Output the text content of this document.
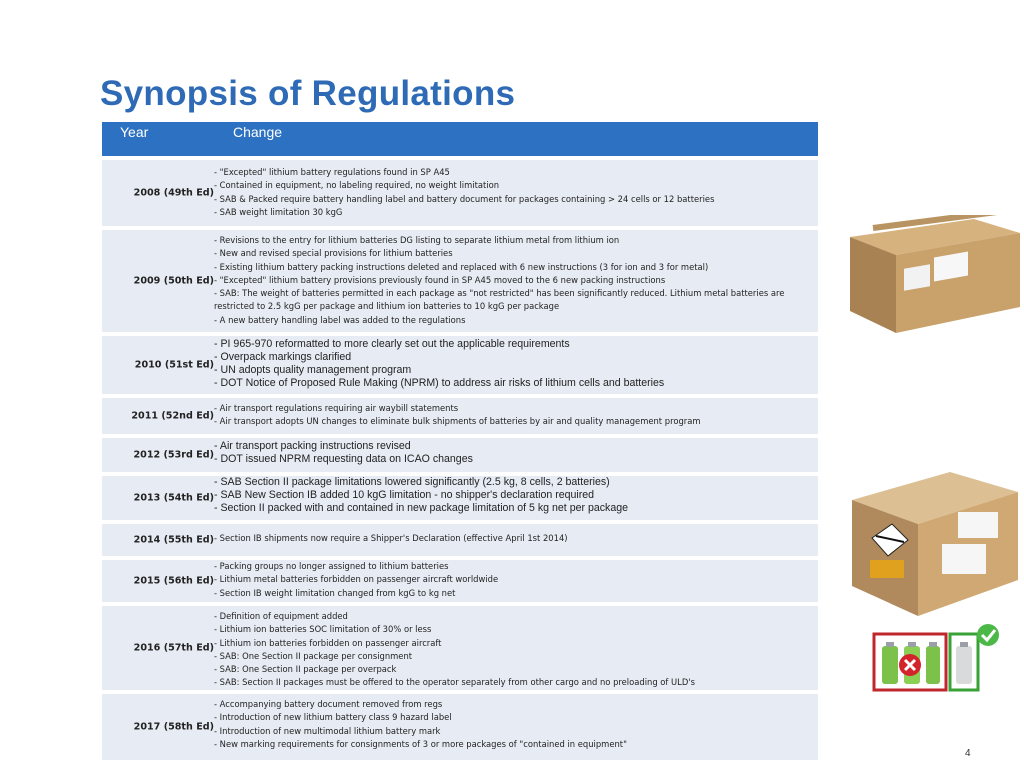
Synopsis of Regulations
Year	Change
2008 (49th Ed)
- "Excepted" lithium battery regulations found in SP A45
- Contained in equipment, no labeling required, no weight limitation
- SAB & Packed require battery handling label and battery document for packages containing > 24 cells or 12 batteries
- SAB weight limitation 30 kgG
2009 (50th Ed)
- Revisions to the entry for lithium batteries DG listing to separate lithium metal from lithium ion
- New and revised special provisions for lithium batteries
- Existing lithium battery packing instructions deleted and replaced with 6 new instructions (3 for ion and 3 for metal)
- "Excepted" lithium battery provisions previously found in SP A45 moved to the 6 new packing instructions
- SAB: The weight of batteries permitted in each package as "not restricted" has been significantly reduced. Lithium metal batteries are
restricted to 2.5 kgG per package and lithium ion batteries to 10 kgG per package
- A new battery handling label was added to the regulations
2010 (51st Ed)
- PI 965-970 reformatted to more clearly set out the applicable requirements
- Overpack markings clarified
- UN adopts quality management program
- DOT Notice of Proposed Rule Making (NPRM) to address air risks of lithium cells and batteries
2011 (52nd Ed)
- Air transport regulations requiring air waybill statements
- Air transport adopts UN changes to eliminate bulk shipments of batteries by air and quality management program
2012 (53rd Ed)
- Air transport packing instructions revised
- DOT issued NPRM requesting data on ICAO changes
2013 (54th Ed)
- SAB Section II package limitations lowered significantly (2.5 kg, 8 cells, 2 batteries)
- SAB New Section IB added 10 kgG limitation - no shipper's declaration required
- Section II packed with and contained in new package limitation of 5 kg net per package
2014 (55th Ed) - Section IB shipments now require a Shipper's Declaration (effective April 1st 2014)
2015 (56th Ed)
- Packing groups no longer assigned to lithium batteries
- Lithium metal batteries forbidden on passenger aircraft worldwide
- Section IB weight limitation changed from kgG to kg net
2016 (57th Ed)
- Definition of equipment added
- Lithium ion batteries SOC limitation of 30% or less
- Lithium ion batteries forbidden on passenger aircraft
- SAB: One Section II package per consignment
- SAB: One Section II package per overpack
- SAB: Section II packages must be offered to the operator separately from other cargo and no preloading of ULD's
2017 (58th Ed)
- Accompanying battery document removed from regs
- Introduction of new lithium battery class 9 hazard label
- Introduction of new multimodal lithium battery mark
- New marking requirements for consignments of 3 or more packages of "contained in equipment"
4
